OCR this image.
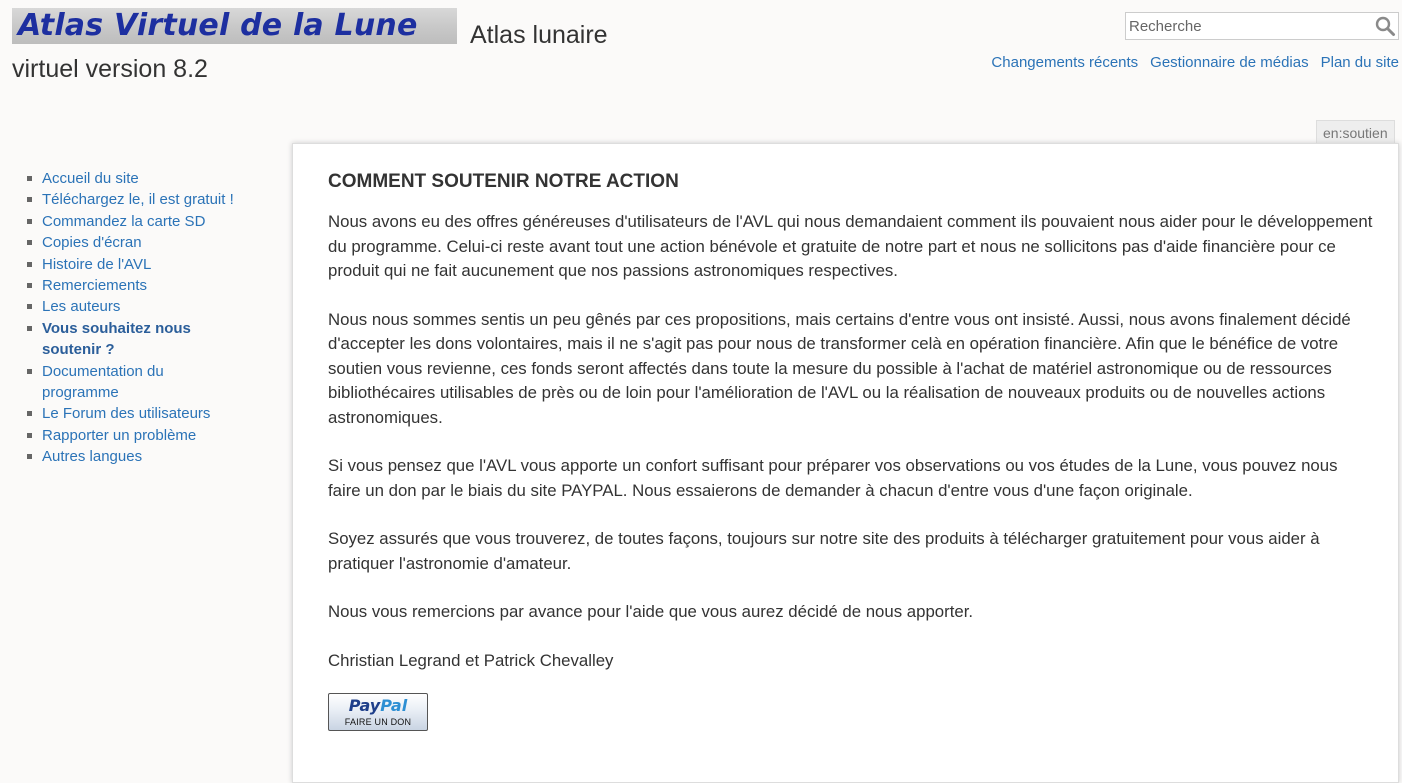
Atlas Virtuel de la Lune	Atlas lunaire virtuel version 8.2
Recherche	Changements récents Gestionnaire de médias Plan du site
Accueil du site
Téléchargez le, il est gratuit !
Commandez la carte SD
Copies d'écran
Histoire de l'AVL
Remerciements
Les auteurs
Vous souhaitez nous soutenir ?
Documentation du programme
Le Forum des utilisateurs
Rapporter un problème
Autres langues
en:soutien
COMMENT SOUTENIR NOTRE ACTION

Nous avons eu des offres généreuses d'utilisateurs de l'AVL qui nous demandaient comment ils pouvaient nous aider pour le développement du programme. Celui-ci reste avant tout une action bénévole et gratuite de notre part et nous ne sollicitons pas d'aide financière pour ce produit qui ne fait aucunement que nos passions astronomiques respectives.

Nous nous sommes sentis un peu gênés par ces propositions, mais certains d'entre vous ont insisté. Aussi, nous avons finalement décidé d'accepter les dons volontaires, mais il ne s'agit pas pour nous de transformer celà en opération financière. Afin que le bénéfice de votre soutien vous revienne, ces fonds seront affectés dans toute la mesure du possible à l'achat de matériel astronomique ou de ressources bibliothécaires utilisables de près ou de loin pour l'amélioration de l'AVL ou la réalisation de nouveaux produits ou de nouvelles actions astronomiques.

Si vous pensez que l'AVL vous apporte un confort suffisant pour préparer vos observations ou vos études de la Lune, vous pouvez nous faire un don par le biais du site PAYPAL. Nous essaierons de demander à chacun d'entre vous d'une façon originale.

Soyez assurés que vous trouverez, de toutes façons, toujours sur notre site des produits à télécharger gratuitement pour vous aider à pratiquer l'astronomie d'amateur.

Nous vous remercions par avance pour l'aide que vous aurez décidé de nous apporter.

Christian Legrand et Patrick Chevalley

PayPal
FAIRE UN DON
